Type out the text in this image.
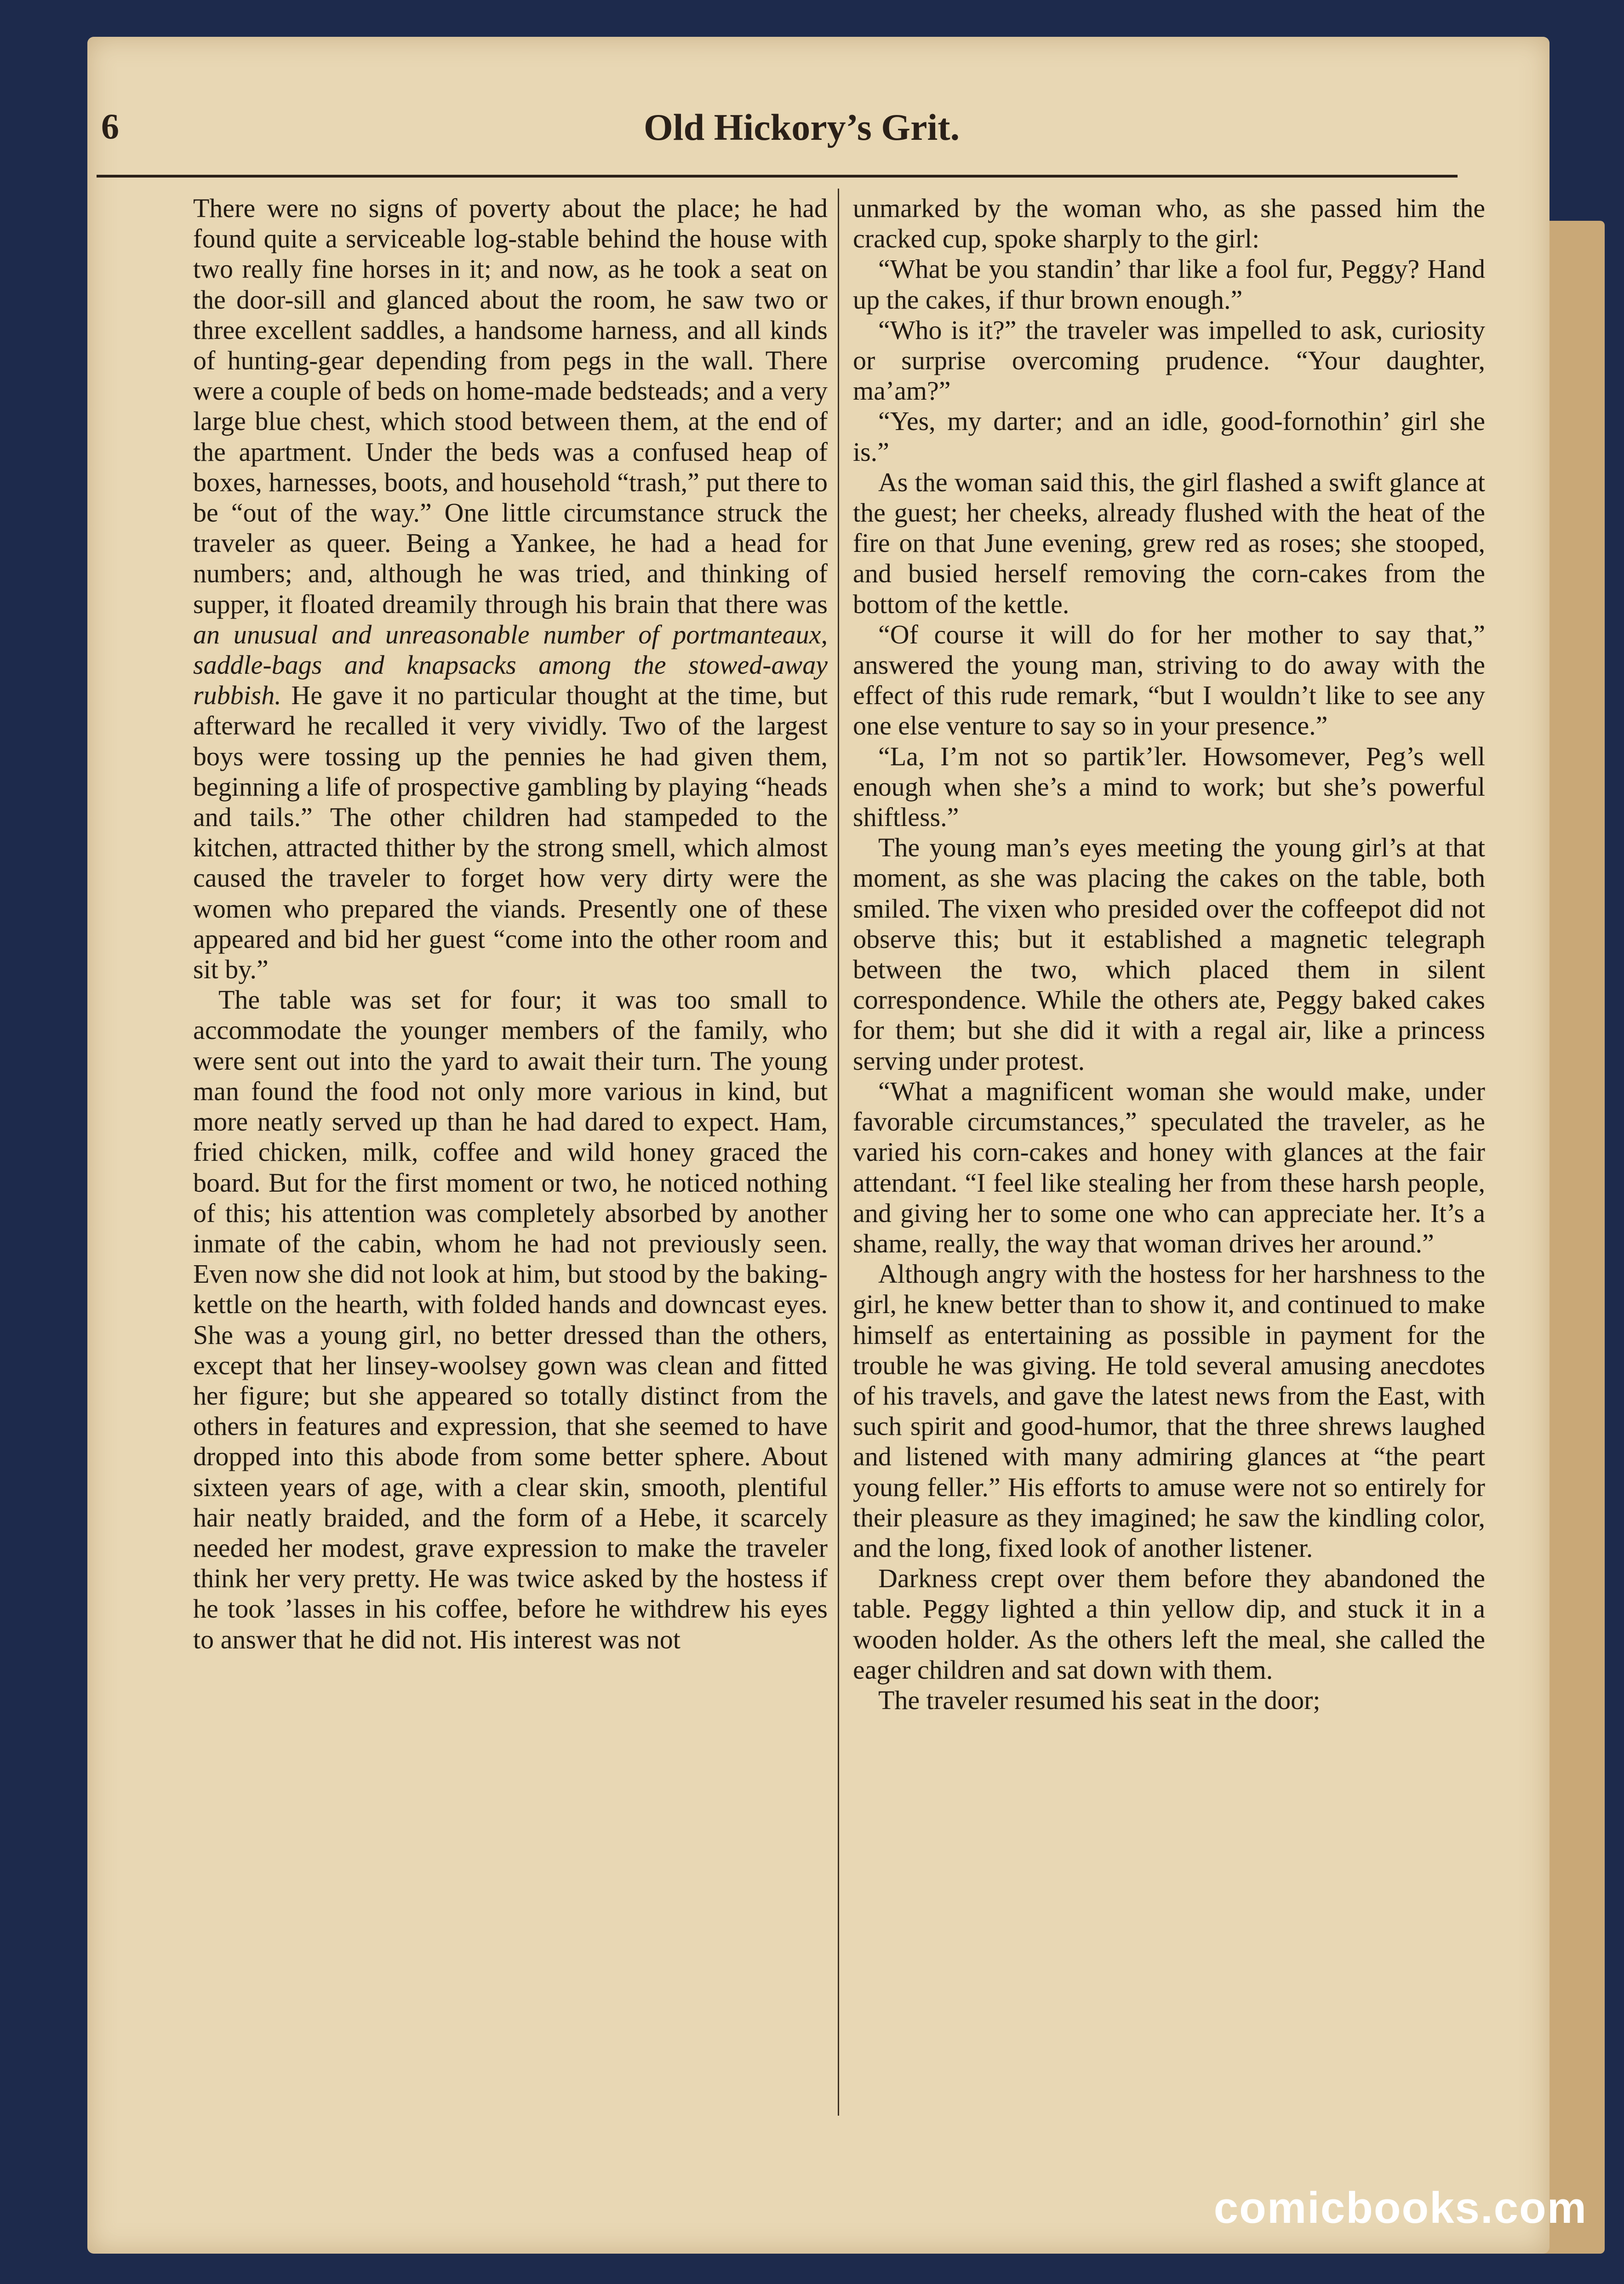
6	Old Hickory’s Grit.

There were no signs of poverty about the place; he had found quite a serviceable log-stable behind the house with two really fine horses in it; and now, as he took a seat on the door-sill and glanced about the room, he saw two or three excellent saddles, a handsome harness, and all kinds of hunting-gear depending from pegs in the wall. There were a couple of beds on home-made bedsteads; and a very large blue chest, which stood between them, at the end of the apartment. Under the beds was a confused heap of boxes, harnesses, boots, and household “trash,” put there to be “out of the way.” One little circumstance struck the traveler as queer. Being a Yankee, he had a head for numbers; and, although he was tried, and thinking of supper, it floated dreamily through his brain that there was an unusual and unreasonable number of portmanteaux, saddle-bags and knapsacks among the stowed-away rubbish. He gave it no particular thought at the time, but afterward he recalled it very vividly. Two of the largest boys were tossing up the pennies he had given them, beginning a life of prospective gambling by playing “heads and tails.” The other children had stampeded to the kitchen, attracted thither by the strong smell, which almost caused the traveler to forget how very dirty were the women who prepared the viands. Presently one of these appeared and bid her guest “come into the other room and sit by.”

The table was set for four; it was too small to accommodate the younger members of the family, who were sent out into the yard to await their turn. The young man found the food not only more various in kind, but more neatly served up than he had dared to expect. Ham, fried chicken, milk, coffee and wild honey graced the board. But for the first moment or two, he noticed nothing of this; his attention was completely absorbed by another inmate of the cabin, whom he had not previously seen. Even now she did not look at him, but stood by the baking-kettle on the hearth, with folded hands and downcast eyes. She was a young girl, no better dressed than the others, except that her linsey-woolsey gown was clean and fitted her figure; but she appeared so totally distinct from the others in features and expression, that she seemed to have dropped into this abode from some better sphere. About sixteen years of age, with a clear skin, smooth, plentiful hair neatly braided, and the form of a Hebe, it scarcely needed her modest, grave expression to make the traveler think her very pretty. He was twice asked by the hostess if he took ’lasses in his coffee, before he withdrew his eyes to answer that he did not. His interest was not

unmarked by the woman who, as she passed him the cracked cup, spoke sharply to the girl:

“What be you standin’ thar like a fool fur, Peggy? Hand up the cakes, if thur brown enough.”

“Who is it?” the traveler was impelled to ask, curiosity or surprise overcoming prudence. “Your daughter, ma’am?”

“Yes, my darter; and an idle, good-fornothin’ girl she is.”

As the woman said this, the girl flashed a swift glance at the guest; her cheeks, already flushed with the heat of the fire on that June evening, grew red as roses; she stooped, and busied herself removing the corn-cakes from the bottom of the kettle.

“Of course it will do for her mother to say that,” answered the young man, striving to do away with the effect of this rude remark, “but I wouldn’t like to see any one else venture to say so in your presence.”

“La, I’m not so partik’ler. Howsomever, Peg’s well enough when she’s a mind to work; but she’s powerful shiftless.”

The young man’s eyes meeting the young girl’s at that moment, as she was placing the cakes on the table, both smiled. The vixen who presided over the coffeepot did not observe this; but it established a magnetic telegraph between the two, which placed them in silent correspondence. While the others ate, Peggy baked cakes for them; but she did it with a regal air, like a princess serving under protest.

“What a magnificent woman she would make, under favorable circumstances,” speculated the traveler, as he varied his corn-cakes and honey with glances at the fair attendant. “I feel like stealing her from these harsh people, and giving her to some one who can appreciate her. It’s a shame, really, the way that woman drives her around.”

Although angry with the hostess for her harshness to the girl, he knew better than to show it, and continued to make himself as entertaining as possible in payment for the trouble he was giving. He told several amusing anecdotes of his travels, and gave the latest news from the East, with such spirit and good-humor, that the three shrews laughed and listened with many admiring glances at “the peart young feller.” His efforts to amuse were not so entirely for their pleasure as they imagined; he saw the kindling color, and the long, fixed look of another listener.

Darkness crept over them before they abandoned the table. Peggy lighted a thin yellow dip, and stuck it in a wooden holder. As the others left the meal, she called the eager children and sat down with them.

The traveler resumed his seat in the door;

comicbooks.com
